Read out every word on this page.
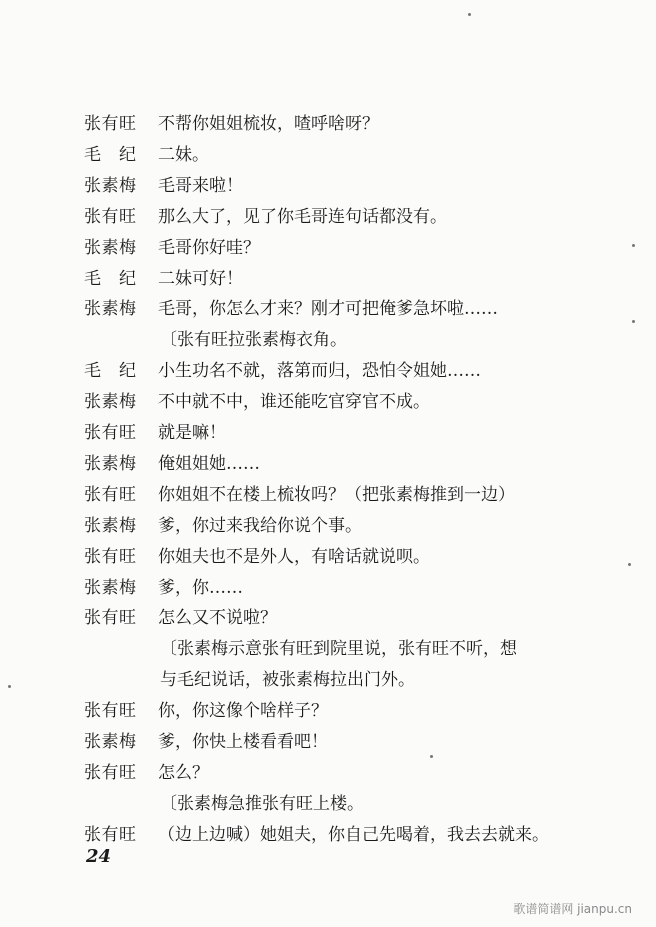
张有旺	不帮你姐姐梳妆，喳呼啥呀？
毛　纪	二妹。
张素梅	毛哥来啦！
张有旺	那么大了，见了你毛哥连句话都没有。
张素梅	毛哥你好哇？
毛　纪	二妹可好！
张素梅	毛哥，你怎么才来？刚才可把俺爹急坏啦……
〔张有旺拉张素梅衣角。
毛　纪	小生功名不就，落第而归，恐怕令姐她……
张素梅	不中就不中，谁还能吃官穿官不成。
张有旺	就是嘛！
张素梅	俺姐姐她……
张有旺	你姐姐不在楼上梳妆吗？（把张素梅推到一边）
张素梅	爹，你过来我给你说个事。
张有旺	你姐夫也不是外人，有啥话就说呗。
张素梅	爹，你……
张有旺	怎么又不说啦？
〔张素梅示意张有旺到院里说，张有旺不听，想
与毛纪说话，被张素梅拉出门外。
张有旺	你，你这像个啥样子？
张素梅	爹，你快上楼看看吧！
张有旺	怎么？
〔张素梅急推张有旺上楼。
张有旺	（边上边喊）她姐夫，你自己先喝着，我去去就来。
24
歌谱简谱网 jianpu.cn
